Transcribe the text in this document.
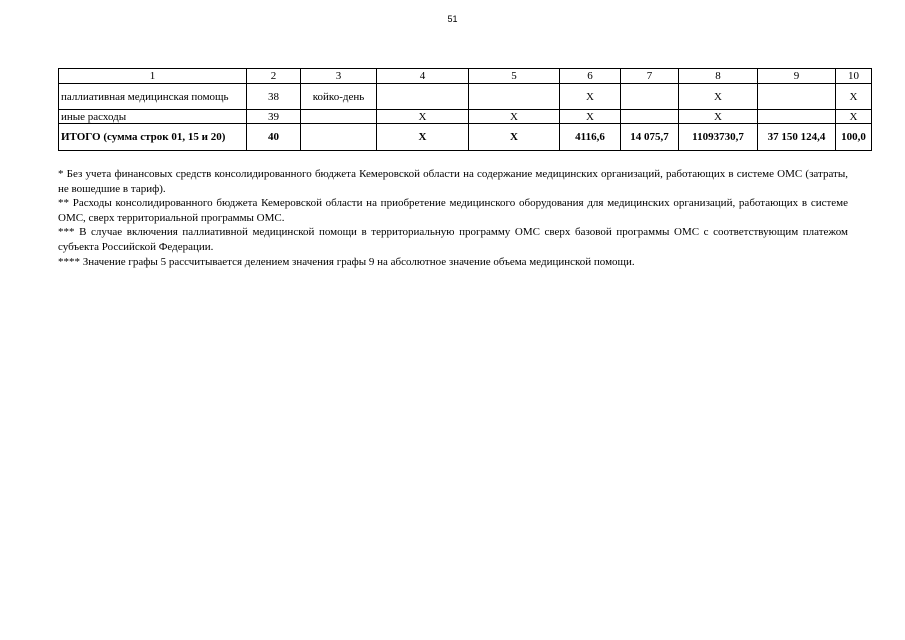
51
1	2	3	4	5	6	7	8	9	10
паллиативная медицинская помощь	38	койко-день			Х		Х		Х
иные расходы	39		Х	Х	Х		Х		Х
ИТОГО (сумма строк 01, 15 и 20)	40		Х	Х	4116,6	14 075,7	11093730,7	37 150 124,4	100,0

* Без учета финансовых средств консолидированного бюджета Кемеровской области на содержание медицинских организаций, работающих в системе ОМС (затраты, не вошедшие в тариф).

** Расходы консолидированного бюджета Кемеровской области на приобретение медицинского оборудования для медицинских организаций, работающих в системе ОМС, сверх территориальной программы ОМС.

*** В случае включения паллиативной медицинской помощи в территориальную программу ОМС сверх базовой программы ОМС с соответствующим платежом субъекта Российской Федерации.

**** Значение графы 5 рассчитывается делением значения графы 9 на абсолютное значение объема медицинской помощи.
